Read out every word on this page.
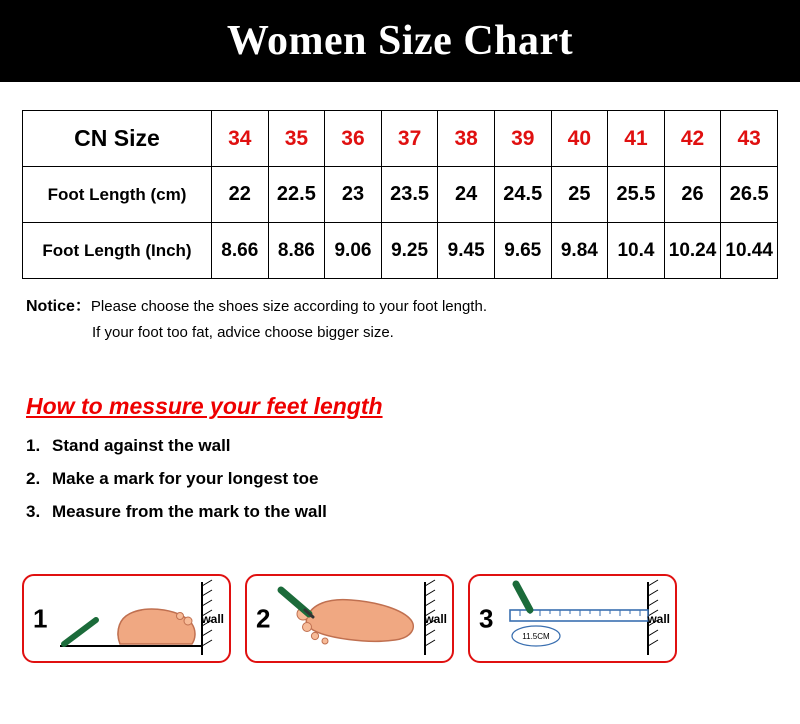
Women Size Chart
CN Size	34	35	36	37	38	39	40	41	42	43
Foot Length (cm)	22	22.5	23	23.5	24	24.5	25	25.5	26	26.5
Foot Length (Inch)	8.66	8.86	9.06	9.25	9.45	9.65	9.84	10.4	10.24	10.44
Notice：Please choose the shoes size according to your foot length.
If your foot too fat, advice choose bigger size.
How to messure your feet length
Stand against the wall
Make a mark for your longest toe
Measure from the mark to the wall
1	wall 2	wall
11.5CM
3	wall
